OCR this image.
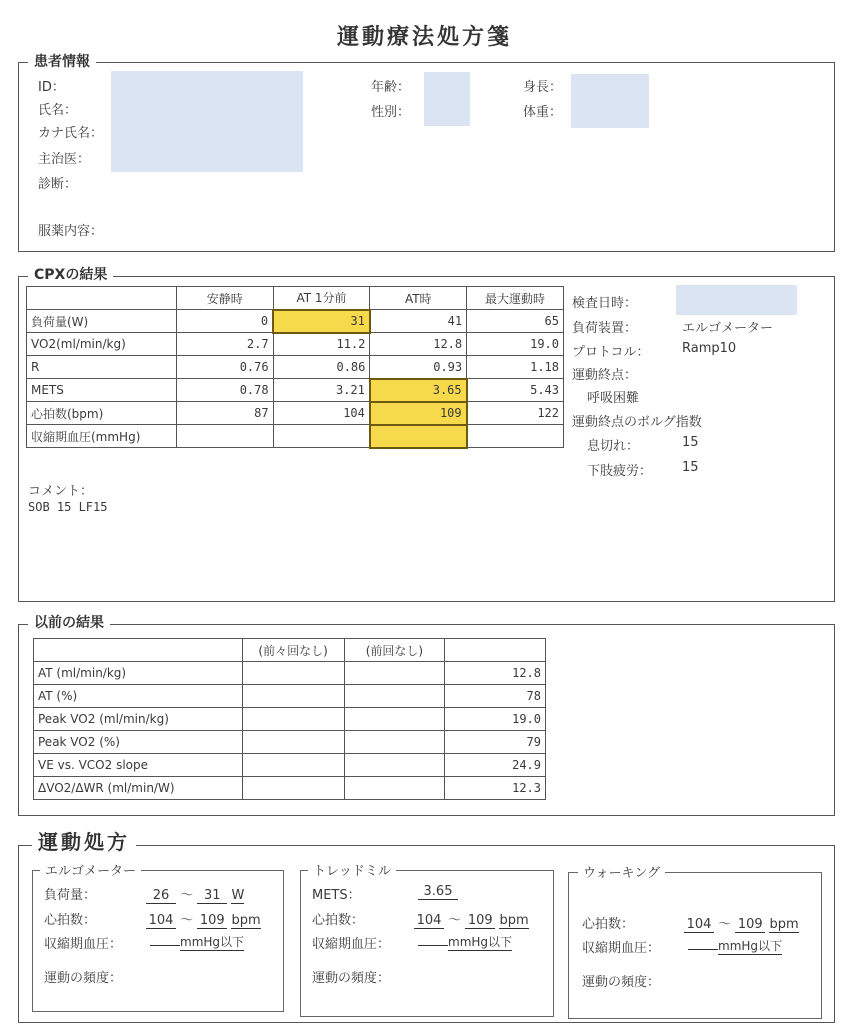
運動療法処方箋
患者情報
ID：
氏名：
カナ氏名：
主治医：
診断：
服薬内容：
年齢：
性別：
身長：
体重：
CPXの結果
	安静時	AT 1分前	AT時	最大運動時
負荷量(W)	0	31	41	65
VO2(ml/min/kg)	2.7	11.2	12.8	19.0
R	0.76	0.86	0.93	1.18
METS	0.78	3.21	3.65	5.43
心拍数(bpm)	87	104	109	122
収縮期血圧(mmHg)				
検査日時：
負荷装置：	エルゴメーター
プロトコル：	Ramp10
運動終点：
呼吸困難
運動終点のボルグ指数
息切れ：	15
下肢疲労： 15
コメント：
SOB 15 LF15
以前の結果
	(前々回なし)	(前回なし)	
AT (ml/min/kg)			12.8
AT (%)			78
Peak VO2 (ml/min/kg)			19.0
Peak VO2 (%)			79
VE vs. VCO2 slope			24.9
ΔVO2/ΔWR (ml/min/W)			12.3
運動処方
エルゴメーター
負荷量：	26 ～ 31 W
心拍数：	104 ～ 109 bpm
収縮期血圧：	mmHg以下
運動の頻度：
トレッドミル
METS：	3.65
心拍数：	104 ～ 109 bpm
収縮期血圧：	mmHg以下
運動の頻度：
ウォーキング
心拍数：	104 ～ 109 bpm
収縮期血圧：	mmHg以下
運動の頻度：
